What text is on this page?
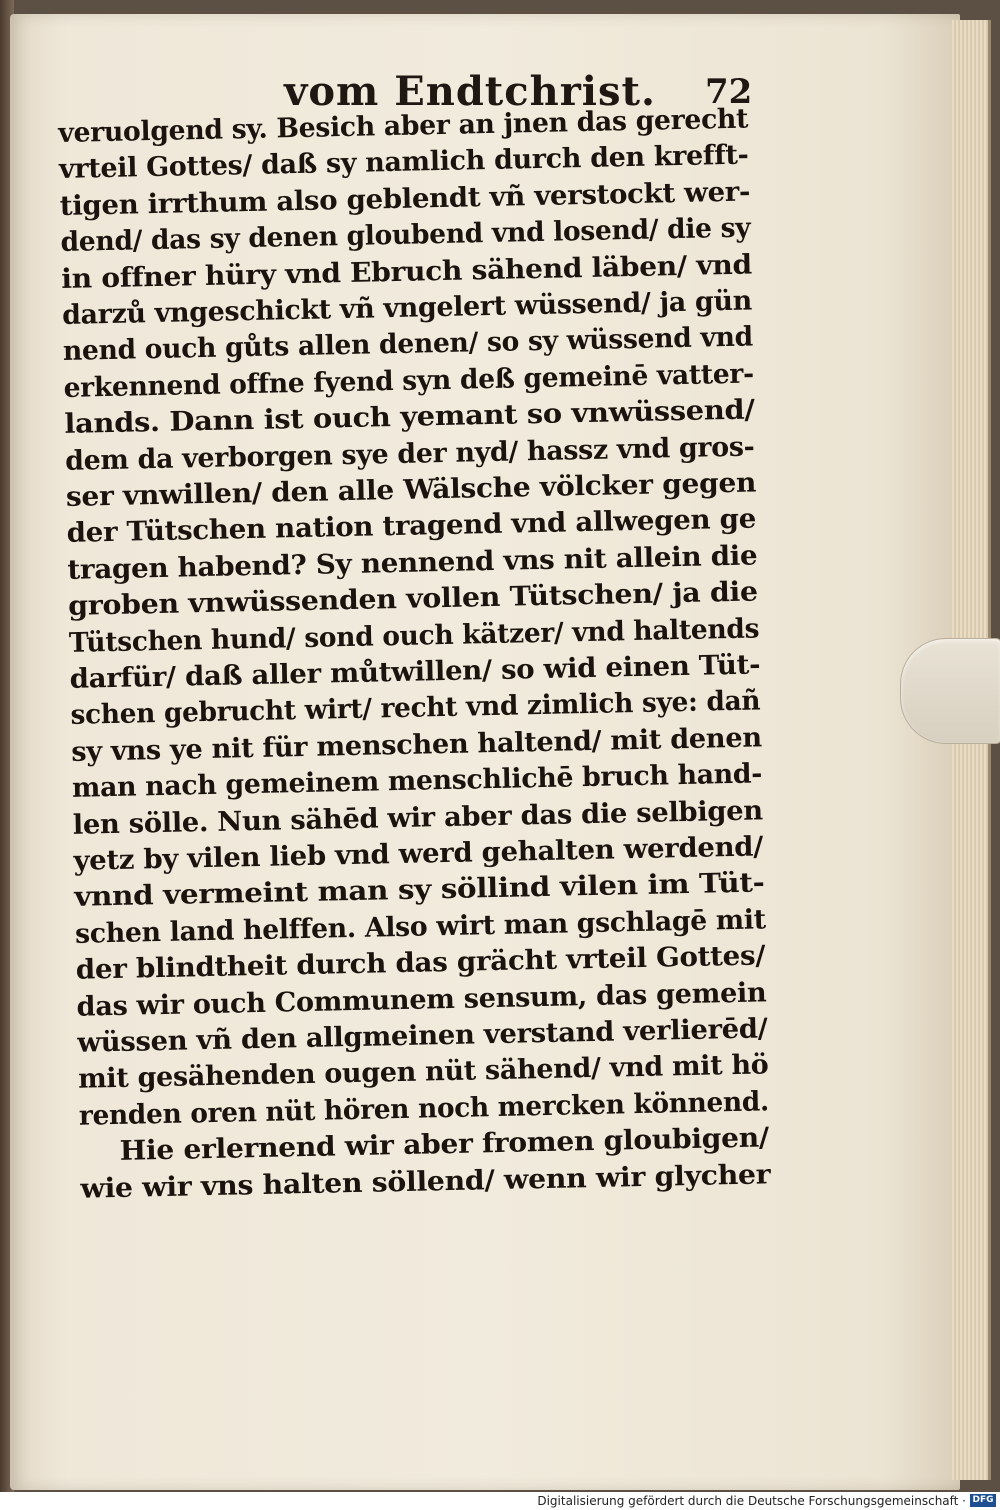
vom Endtchrist.	72
veruolgend sy. Besich aber an jnen das gerecht
vrteil Gottes/ daß sy namlich durch den krefft-
tigen irrthum also geblendt vñ verstockt wer-
dend/ das sy denen gloubend vnd losend/ die sy
in offner hüry vnd Ebruch sähend läben/ vnd
darzů vngeschickt vñ vngelert wüssend/ ja gün
nend ouch gůts allen denen/ so sy wüssend vnd
erkennend offne fyend syn deß gemeinē vatter-
lands. Dann ist ouch yemant so vnwüssend/
dem da verborgen sye der nyd/ hassz vnd gros-
ser vnwillen/ den alle Wälsche völcker gegen
der Tütschen nation tragend vnd allwegen ge
tragen habend? Sy nennend vns nit allein die
groben vnwüssenden vollen Tütschen/ ja die
Tütschen hund/ sond ouch kätzer/ vnd haltends
darfür/ daß aller můtwillen/ so wid einen Tüt-
schen gebrucht wirt/ recht vnd zimlich sye: dañ
sy vns ye nit für menschen haltend/ mit denen
man nach gemeinem menschlichē bruch hand-
len sölle. Nun sähēd wir aber das die selbigen
yetz by vilen lieb vnd werd gehalten werdend/
vnnd vermeint man sy söllind vilen im Tüt-
schen land helffen. Also wirt man gschlagē mit
der blindtheit durch das grächt vrteil Gottes/
das wir ouch Communem sensum, das gemein
wüssen vñ den allgmeinen verstand verlierēd/
mit gesähenden ougen nüt sähend/ vnd mit hö
renden oren nüt hören noch mercken könnend.
Hie erlernend wir aber fromen gloubigen/
wie wir vns halten söllend/ wenn wir glycher
Digitalisierung gefördert durch die Deutsche Forschungsgemeinschaft · DFG
